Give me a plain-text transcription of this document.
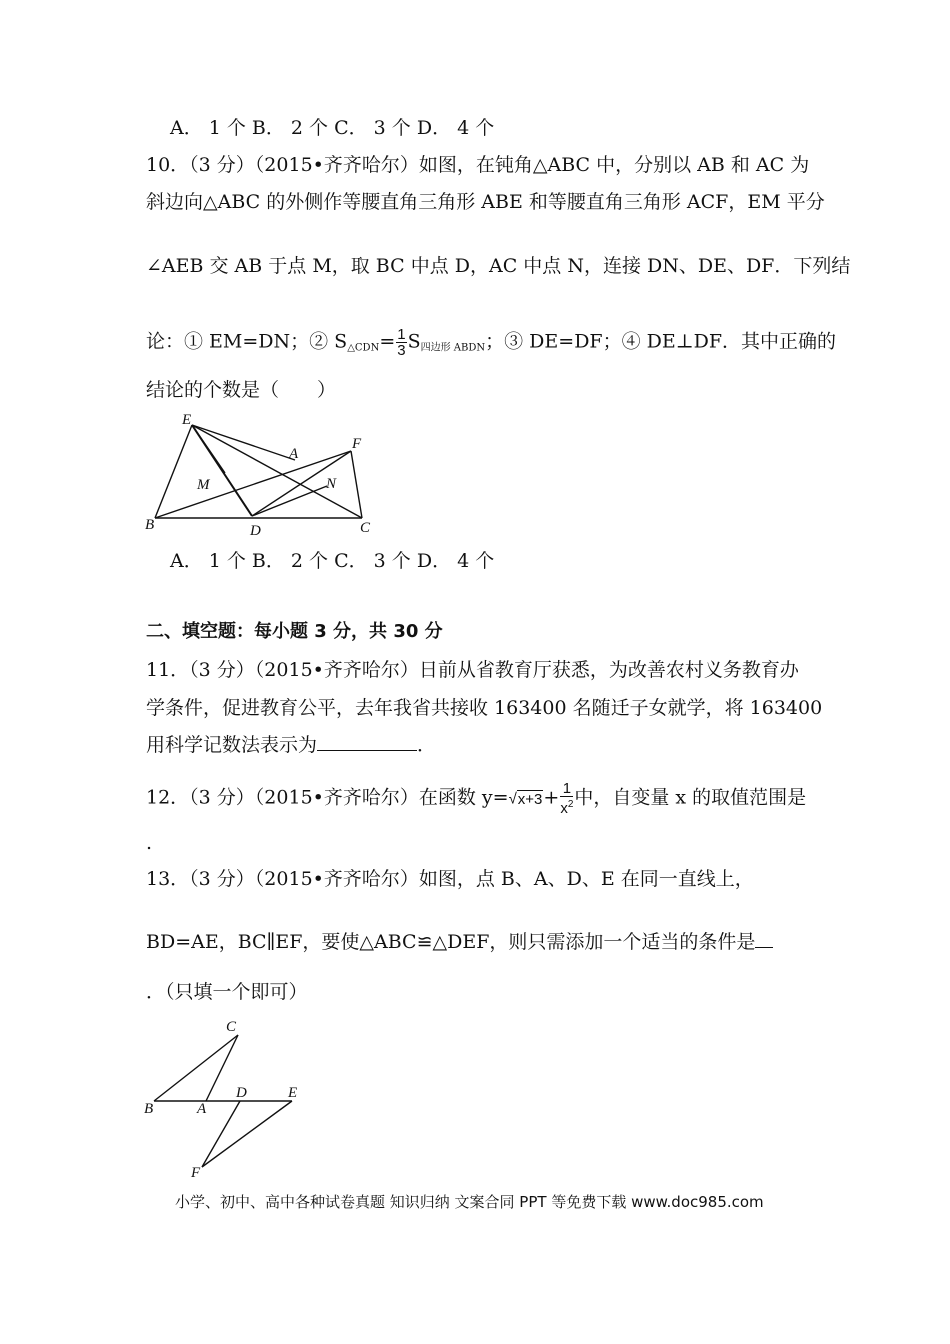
A． 1 个 B． 2 个 C． 3 个 D． 4 个
10．（3 分）（2015•齐齐哈尔）如图，在钝角△ABC 中，分别以 AB 和 AC 为
斜边向△ABC 的外侧作等腰直角三角形 ABE 和等腰直角三角形 ACF，EM 平分
∠AEB 交 AB 于点 M，取 BC 中点 D，AC 中点 N，连接 DN、DE、DF．下列结
论：① EM=DN；② $S_{\triangle CDN}= \frac{1}{3} S_{四边形 ABDN}$；③ DE=DF；④ DE⊥DF．其中正确的
结论的个数是（　　）
E
F
A
M	N
B	D	C
A． 1 个 B． 2 个 C． 3 个 D． 4 个
二、填空题：每小题 3 分，共 30 分
11．（3 分）（2015•齐齐哈尔）日前从省教育厅获悉，为改善农村义务教育办
学条件，促进教育公平，去年我省共接收 163400 名随迁子女就学，将 163400
用科学记数法表示为	．
12．（3 分）（2015•齐齐哈尔）在函数 $y=√x+3+ \frac{1}{x^2}$ 中，自变量 x 的取值范围是
.
13．（3 分）（2015•齐齐哈尔）如图，点 B、A、D、E 在同一直线上，
BD=AE，BC∥EF，要使△ABC≌△DEF，则只需添加一个适当的条件是
．（只填一个即可）
C
B	A
D	E
F
小学、初中、高中各种试卷真题 知识归纳 文案合同 PPT 等免费下载 www.doc985.com
